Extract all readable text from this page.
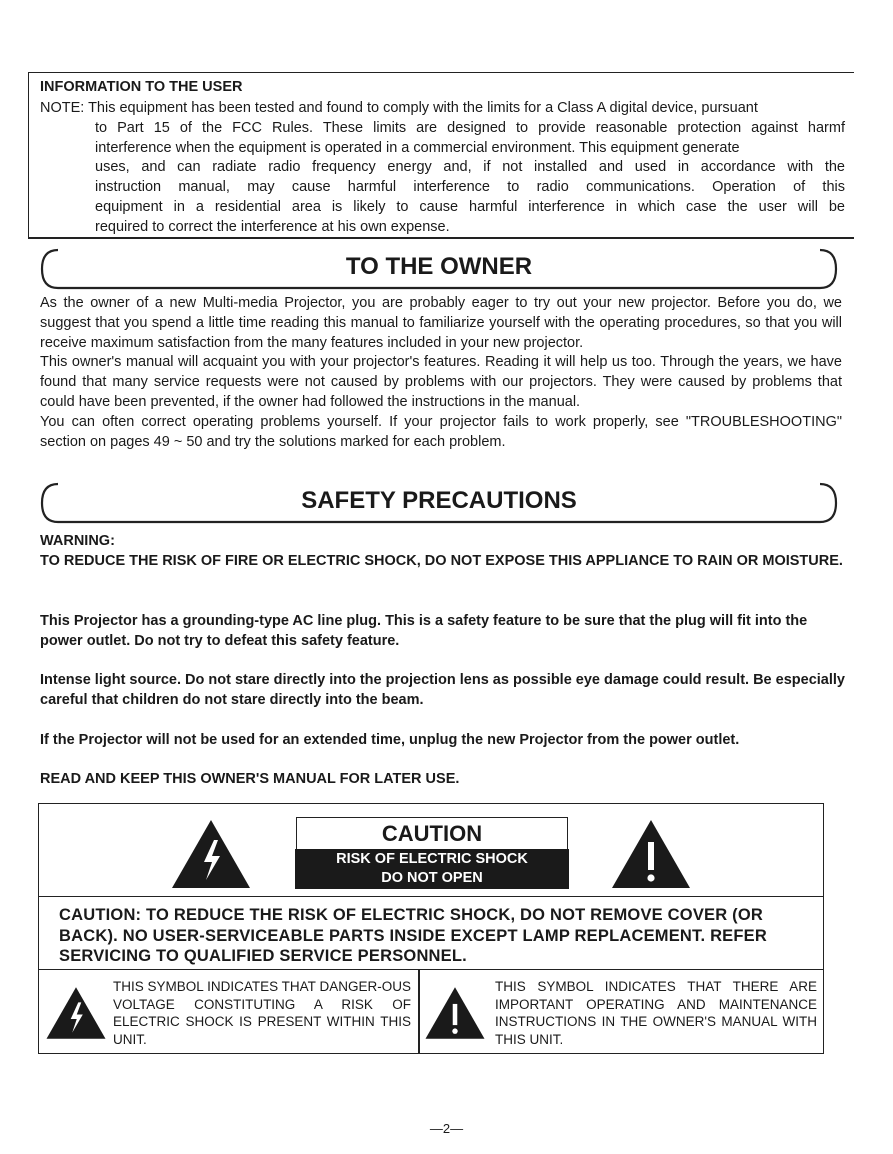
INFORMATION TO THE USER
NOTE: This equipment has been tested and found to comply with the limits for a Class A digital device, pursuant
to Part 15 of the FCC Rules. These limits are designed to provide reasonable protection against harmf
interference when the equipment is operated in a commercial environment. This equipment generate
uses, and can radiate radio frequency energy and, if not installed and used in accordance with the
instruction manual, may cause harmful interference to radio communications. Operation of this
equipment in a residential area is likely to cause harmful interference in which case the user will be
required to correct the interference at his own expense.
TO THE OWNER

As the owner of a new Multi-media Projector, you are probably eager to try out your new projector. Before you do, we suggest that you spend a little time reading this manual to familiarize yourself with the operating procedures, so that you will receive maximum satisfaction from the many features included in your new projector.

This owner's manual will acquaint you with your projector's features. Reading it will help us too. Through the years, we have found that many service requests were not caused by problems with our projectors. They were caused by problems that could have been prevented, if the owner had followed the instructions in the manual.

You can often correct operating problems yourself. If your projector fails to work properly, see "TROUBLESHOOTING" section on pages 49 ~ 50 and try the solutions marked for each problem.

SAFETY PRECAUTIONS
WARNING:
TO REDUCE THE RISK OF FIRE OR ELECTRIC SHOCK, DO NOT EXPOSE THIS APPLIANCE TO RAIN OR MOISTURE.
This Projector has a grounding-type AC line plug. This is a safety feature to be sure that the plug will fit into the power outlet. Do not try to defeat this safety feature.
Intense light source. Do not stare directly into the projection lens as possible eye damage could result. Be especially careful that children do not stare directly into the beam.
If the Projector will not be used for an extended time, unplug the new Projector from the power outlet.
READ AND KEEP THIS OWNER'S MANUAL FOR LATER USE.
CAUTION
RISK OF ELECTRIC SHOCK
DO NOT OPEN
CAUTION: TO REDUCE THE RISK OF ELECTRIC SHOCK, DO NOT REMOVE COVER (OR BACK). NO USER-SERVICEABLE PARTS INSIDE EXCEPT LAMP REPLACEMENT. REFER SERVICING TO QUALIFIED SERVICE PERSONNEL.
THIS SYMBOL INDICATES THAT DANGER-OUS VOLTAGE CONSTITUTING A RISK OF ELECTRIC SHOCK IS PRESENT WITHIN THIS UNIT.
THIS SYMBOL INDICATES THAT THERE ARE IMPORTANT OPERATING AND MAINTENANCE INSTRUCTIONS IN THE OWNER'S MANUAL WITH THIS UNIT.
—2—
